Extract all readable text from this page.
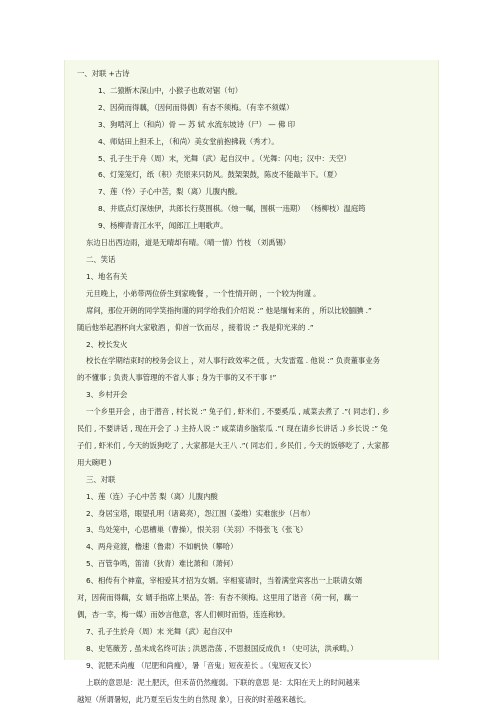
一、对联 +古诗
1、二猿断木深山中，小猴子也敢对锯（句）
2、因荷而得藕，（因何而得偶）有杏不须梅。（有幸不须媒）
3、狗啃河上（和尚）骨 — 苏 轼 水流东坡诗（尸） — 佛 印
4、师姑田上担禾上，（和尚）美女堂前抱拂栽（秀才）。
5、孔子生于舟（周）末，光舞（武）起自汉中 。（光舞：闪电；汉中：天空）
6、灯笼笼灯，纸（积）壳原来只防风。鼓架架鼓，陈皮不能敲半下。（夏）
7、莲（怜）子心中苦，梨（离）儿腹内酸。
8、井底点灯深烛伊，共郎长行莫围棋。（烛一嘱，围棋一违期） （杨柳枝）温庭筠
9、杨柳青青江水平，闻郎江上唱歌声。
东边日出西边雨，道是无晴却有晴。（晴一情）竹枝 （刘禹锡）
二、笑话
1、地名有关
元旦晚上，小弟带两位侨生到家晚餐 ，一个性情开朗 ，一个较为拘谨 。
席间，那位开朗的同学笑指拘谨的同学给我们介绍说 :” 他是缅甸来的 ，所以比较腼腆 .”
随后他举起酒杯向大家敬酒 ，仰首一饮而尽 ，接着说 :” 我是仰光来的 .”
2、校长发火
校长在学期结束时的校务会议上 ，对人事行政效率之低 ，大发雷霆 . 他说 :” 负责董事业务
的不懂事 ; 负责人事管理的不省人事 ; 身为干事的又不干事 !”
3、乡村开会
一个乡里开会 ，由于潜音 , 村长说 :” 兔子们 , 虾米们 , 不要奚瓜 , 咸菜去煮了 .”( 同志们 , 乡
民们 , 不要讲话 , 现在开会了 .) 主持人说 :” 咸菜请乡脑浆瓜 .”( 现在请乡长讲话 .) 乡长说 :” 兔
子们 , 虾米们 , 今天的饭狗吃了 , 大家都是大王八 .”( 同志们 , 乡民们 , 今天的饭够吃了 , 大家都
用大碗吧 )
三、对联
1、莲（连）子心中苦 梨（离）儿腹内酸
2、身居宝塔，眼望孔明（诸葛亮），怨江围（姜维）实难旅步（吕布）
3、鸟处笼中，心思槽巢（曹操），恨关羽（关羽）不得张飞（张飞）
4、两舟竞渡，橹速（鲁肃）不如帆快（攀哈）
5、百管争鸣，笛清（狄青）难比萧和（萧何）
6、相传有个神童，宰相爱其才招为女婿。宰相宴请时，当着满堂宾客出一上联请女婿
对，因荷而得藕，女 婿手指席上果品，答：有杏不须梅。这里用了谐音（荷一何，藕一
偶，杏一幸，梅一媒）而妙言他意，客人们顿时而悟，连连称妙。
7、孔子生於舟（周）末 光舞（武）起自汉中
8、史笔薇芳 , 虽未成名终可法 ; 洪恩浩荡 , 不思报国反成仇 ! （史可法，洪承畴。）
9、泥肥禾尚瘦 （尼肥和尚瘦），暑「音鬼」短夜差长 。（鬼短夜叉长）
上联的意思是：泥土肥沃，但禾苗仍然瘦弱。下联的意思 是：太阳在天上的时间越来
越短（所谓暑短，此乃夏至后发生的自然现 象），日夜的时差越来越长。
